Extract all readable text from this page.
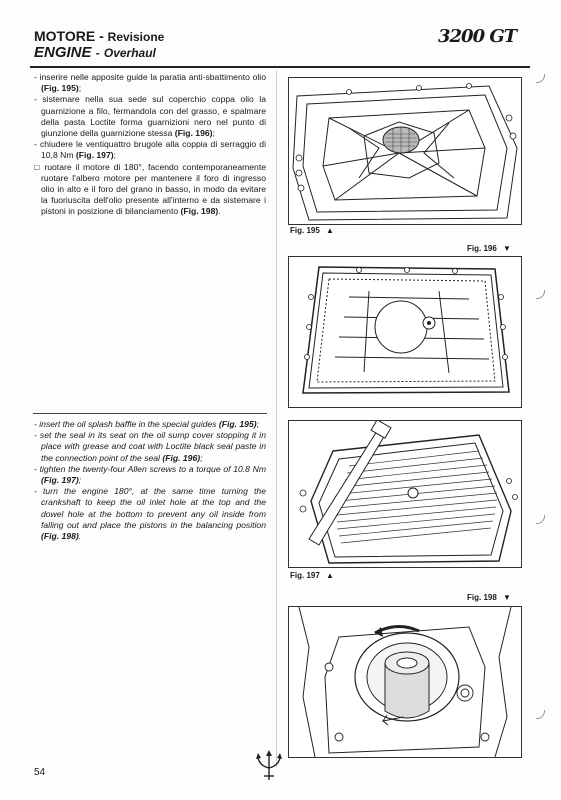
MOTORE - Revisione
ENGINE - Overhaul
3200 GT

- inserire nelle apposite guide la paratia anti-sbattimento olio (Fig. 195);

- sistemare nella sua sede sul coperchio coppa olio la guarnizione a filo, fermandola con del grasso, e spalmare della pasta Loctite forma guarnizioni nero nel punto di giunzione della guarnizione stessa (Fig. 196);

- chiudere le ventiquattro brugole alla coppia di serraggio di 10,8 Nm (Fig. 197);

□ ruotare il motore di 180°, facendo contemporaneamente ruotare l'albero motore per mantenere il foro di ingresso olio in alto e il foro del grano in basso, in modo da evitare la fuoriuscita dell'olio presente all'interno e da sistemare i pistoni in posizione di bilanciamento (Fig. 198).

- insert the oil splash baffle in the special guides (Fig. 195);

- set the seal in its seat on the oil sump cover stopping it in place with grease and coat with Loctite black seal paste in the connection point of the seal (Fig. 196);

- tighten the twenty-four Allen screws to a torque of 10.8 Nm (Fig. 197);

- turn the engine 180°, at the same time turning the crankshaft to keep the oil inlet hole at the top and the dowel hole at the bottom to prevent any oil inside from falling out and place the pistons in the balancing position (Fig. 198).

Fig. 195 ▲
Fig. 196 ▼
Fig. 197 ▲
Fig. 198 ▼
54
